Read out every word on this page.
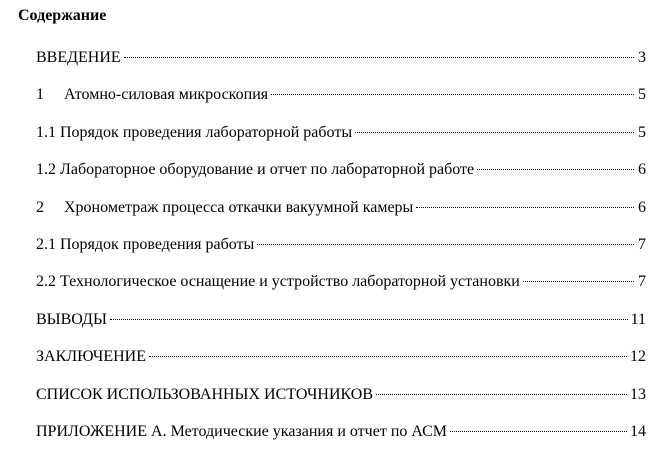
Содержание
ВВЕДЕНИЕ	3
1	Атомно-силовая микроскопия	5
1.1 Порядок проведения лабораторной работы	5
1.2 Лабораторное оборудование и отчет по лабораторной работе	6
2	Хронометраж процесса откачки вакуумной камеры	6
2.1 Порядок проведения работы	7
2.2 Технологическое оснащение и устройство лабораторной установки	7
ВЫВОДЫ	11
ЗАКЛЮЧЕНИЕ	12
СПИСОК ИСПОЛЬЗОВАННЫХ ИСТОЧНИКОВ	13
ПРИЛОЖЕНИЕ А. Методические указания и отчет по АСМ	14
